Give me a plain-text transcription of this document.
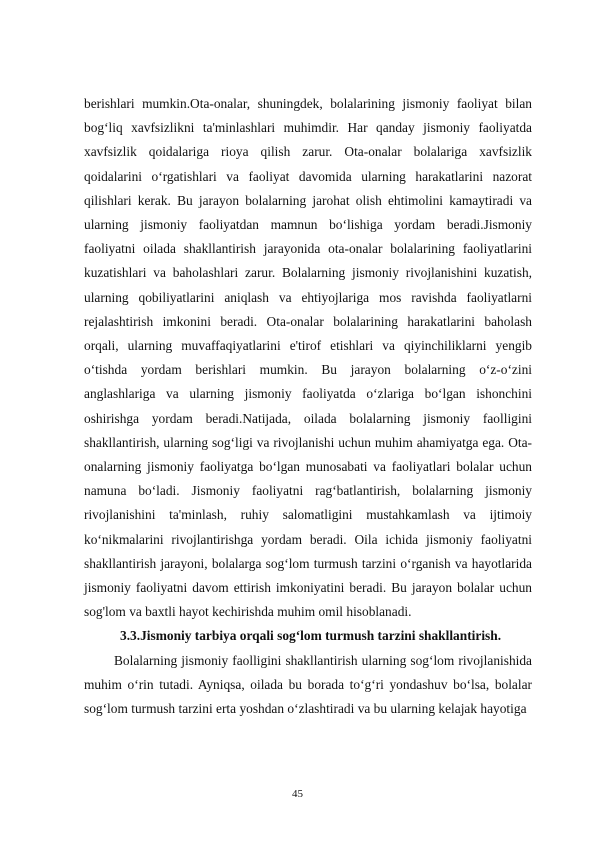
berishlari mumkin.Ota-onalar, shuningdek, bolalarining jismoniy faoliyat bilan bog‘liq xavfsizlikni ta'minlashlari muhimdir. Har qanday jismoniy faoliyatda xavfsizlik qoidalariga rioya qilish zarur. Ota-onalar bolalariga xavfsizlik qoidalarini o‘rgatishlari va faoliyat davomida ularning harakatlarini nazorat qilishlari kerak. Bu jarayon bolalarning jarohat olish ehtimolini kamaytiradi va ularning jismoniy faoliyatdan mamnun bo‘lishiga yordam beradi.Jismoniy faoliyatni oilada shakllantirish jarayonida ota-onalar bolalarining faoliyatlarini kuzatishlari va baholashlari zarur. Bolalarning jismoniy rivojlanishini kuzatish, ularning qobiliyatlarini aniqlash va ehtiyojlariga mos ravishda faoliyatlarni rejalashtirish imkonini beradi. Ota-onalar bolalarining harakatlarini baholash orqali, ularning muvaffaqiyatlarini e'tirof etishlari va qiyinchiliklarni yengib o‘tishda yordam berishlari mumkin. Bu jarayon bolalarning o‘z-o‘zini anglashlariga va ularning jismoniy faoliyatda o‘zlariga bo‘lgan ishonchini oshirishga yordam beradi.Natijada, oilada bolalarning jismoniy faolligini shakllantirish, ularning sog‘ligi va rivojlanishi uchun muhim ahamiyatga ega. Ota-onalarning jismoniy faoliyatga bo‘lgan munosabati va faoliyatlari bolalar uchun namuna bo‘ladi. Jismoniy faoliyatni rag‘batlantirish, bolalarning jismoniy rivojlanishini ta'minlash, ruhiy salomatligini mustahkamlash va ijtimoiy ko‘nikmalarini rivojlantirishga yordam beradi. Oila ichida jismoniy faoliyatni shakllantirish jarayoni, bolalarga sog‘lom turmush tarzini o‘rganish va hayotlarida jismoniy faoliyatni davom ettirish imkoniyatini beradi. Bu jarayon bolalar uchun sog'lom va baxtli hayot kechirishda muhim omil hisoblanadi.

3.3.Jismoniy tarbiya orqali sog‘lom turmush tarzini shakllantirish.

Bolalarning jismoniy faolligini shakllantirish ularning sog‘lom rivojlanishida muhim o‘rin tutadi. Ayniqsa, oilada bu borada to‘g‘ri yondashuv bo‘lsa, bolalar sog‘lom turmush tarzini erta yoshdan o‘zlashtiradi va bu ularning kelajak hayotiga

45
